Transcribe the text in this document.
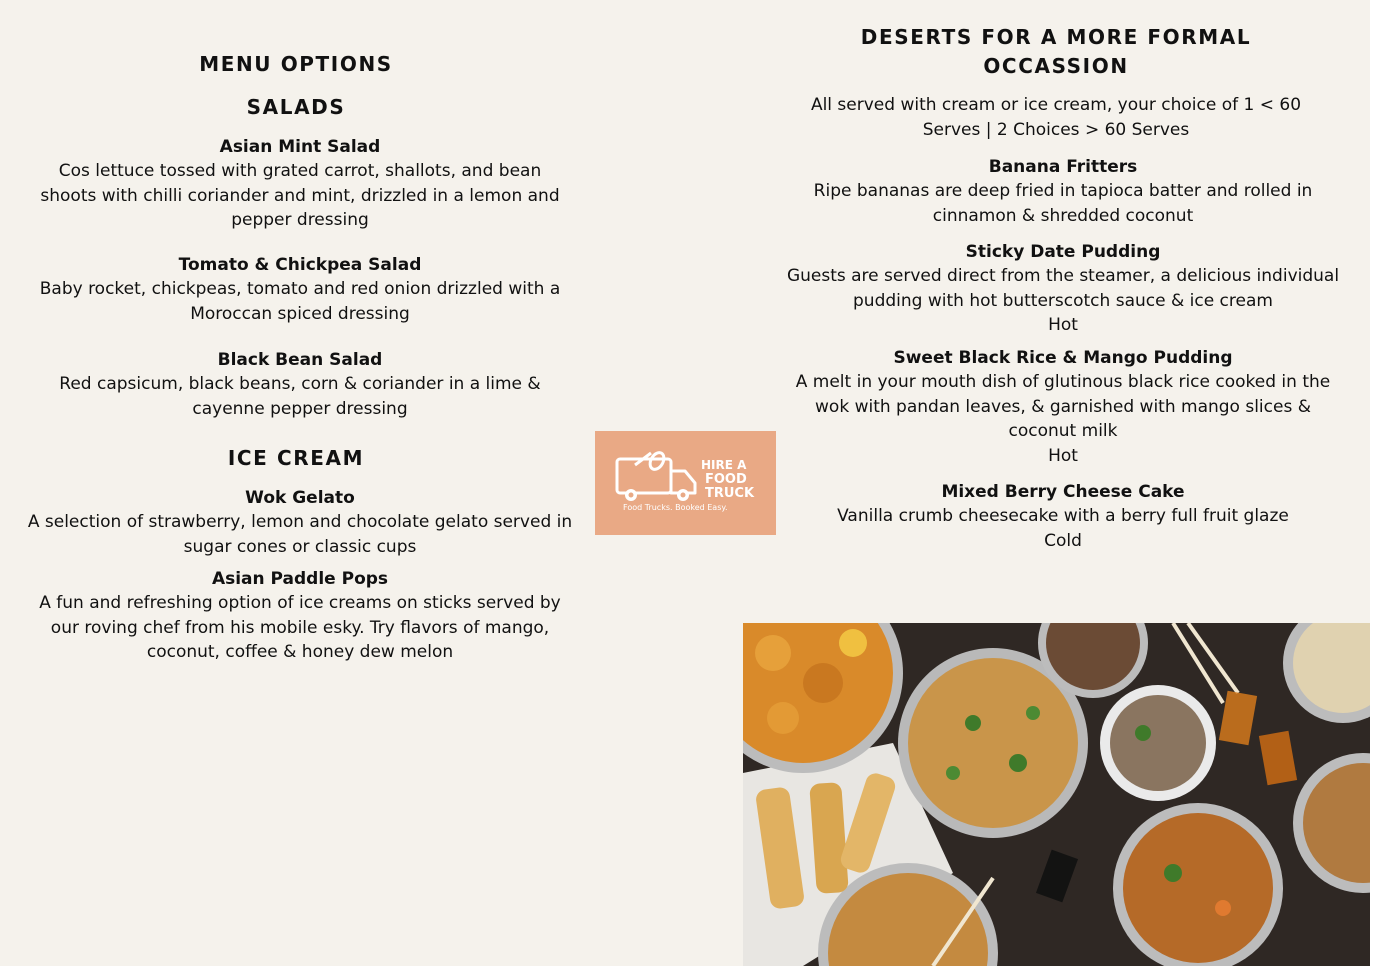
MENU OPTIONS
SALADS
Asian Mint Salad
Cos lettuce tossed with grated carrot, shallots, and bean shoots with chilli coriander and mint, drizzled in a lemon and pepper dressing
Tomato & Chickpea Salad
Baby rocket, chickpeas, tomato and red onion drizzled with a Moroccan spiced dressing
Black Bean Salad
Red capsicum, black beans, corn & coriander in a lime & cayenne pepper dressing
ICE CREAM
Wok Gelato
A selection of strawberry, lemon and chocolate gelato served in sugar cones or classic cups
Asian Paddle Pops
A fun and refreshing option of ice creams on sticks served by our roving chef from his mobile esky. Try flavors of mango, coconut, coffee & honey dew melon
HIRE A
FOOD
TRUCK
Food Trucks. Booked Easy.
DESERTS FOR A MORE FORMAL
OCCASSION
All served with cream or ice cream, your choice of 1 < 60 Serves | 2 Choices > 60 Serves
Banana Fritters
Ripe bananas are deep fried in tapioca batter and rolled in cinnamon & shredded coconut
Sticky Date Pudding
Guests are served direct from the steamer, a delicious individual pudding with hot butterscotch sauce & ice cream
Hot
Sweet Black Rice & Mango Pudding
A melt in your mouth dish of glutinous black rice cooked in the wok with pandan leaves, & garnished with mango slices & coconut milk
Hot
Mixed Berry Cheese Cake
Vanilla crumb cheesecake with a berry full fruit glaze
Cold
